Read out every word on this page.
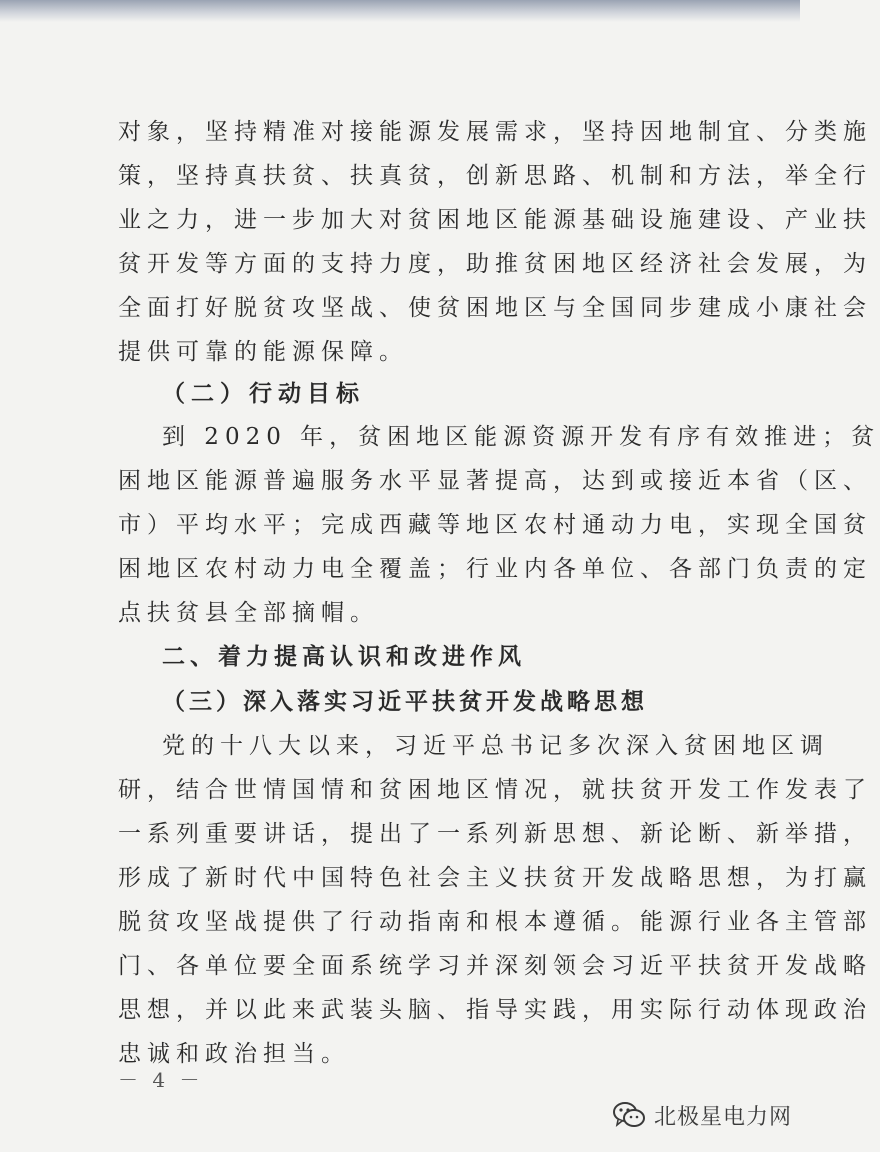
对象，坚持精准对接能源发展需求，坚持因地制宜、分类施
策，坚持真扶贫、扶真贫，创新思路、机制和方法，举全行
业之力，进一步加大对贫困地区能源基础设施建设、产业扶
贫开发等方面的支持力度，助推贫困地区经济社会发展，为
全面打好脱贫攻坚战、使贫困地区与全国同步建成小康社会
提供可靠的能源保障。
（二）行动目标
到 2020 年，贫困地区能源资源开发有序有效推进；贫
困地区能源普遍服务水平显著提高，达到或接近本省（区、
市）平均水平；完成西藏等地区农村通动力电，实现全国贫
困地区农村动力电全覆盖；行业内各单位、各部门负责的定
点扶贫县全部摘帽。
二、着力提高认识和改进作风
（三）深入落实习近平扶贫开发战略思想
党的十八大以来，习近平总书记多次深入贫困地区调
研，结合世情国情和贫困地区情况，就扶贫开发工作发表了
一系列重要讲话，提出了一系列新思想、新论断、新举措，
形成了新时代中国特色社会主义扶贫开发战略思想，为打赢
脱贫攻坚战提供了行动指南和根本遵循。能源行业各主管部
门、各单位要全面系统学习并深刻领会习近平扶贫开发战略
思想，并以此来武装头脑、指导实践，用实际行动体现政治
忠诚和政治担当。
－ 4 －
北极星电力网
